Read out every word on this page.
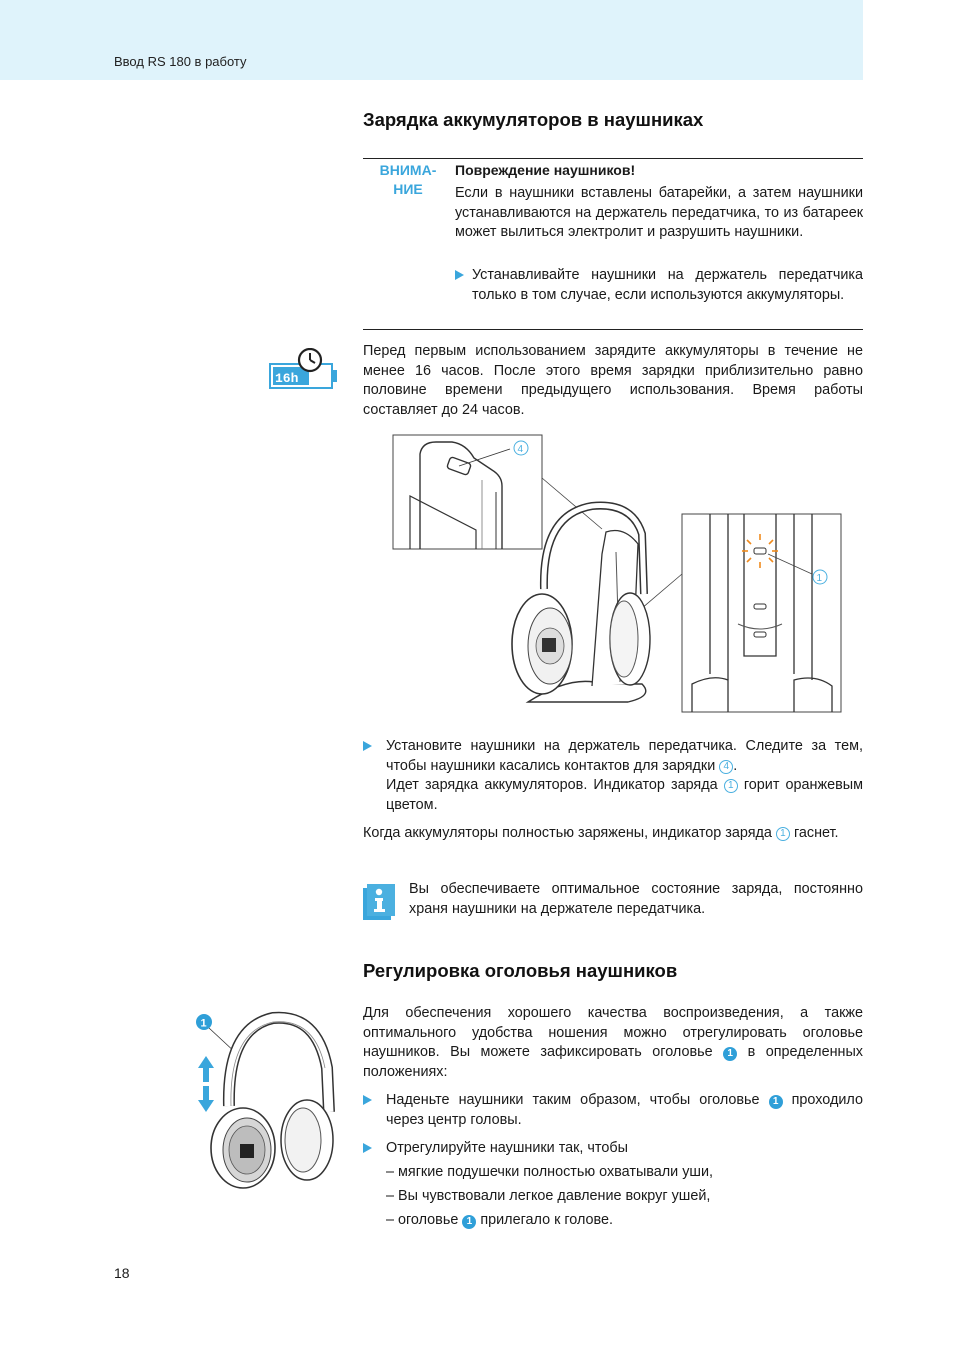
Ввод RS 180 в работу
Зарядка аккумуляторов в наушниках
ВНИМА-
НИЕ
Повреждение наушников!
Если в наушники вставлены батарейки, а затем наушники устанавливаются на держатель передатчика, то из батареек может вылиться электролит и разрушить наушники.
Устанавливайте наушники на держатель передатчика только в том случае, если используются аккумуляторы.
16h

Перед первым использованием зарядите аккумуляторы в течение не менее 16 часов. После этого время зарядки приблизительно равно половине времени предыдущего использования. Время работы составляет до 24 часов.

4
1
Установите наушники на держатель передатчика. Следите за тем, чтобы наушники касались контактов для зарядки 4 .
Идет зарядка аккумуляторов. Индикатор заряда 1 горит оранжевым цветом.

Когда аккумуляторы полностью заряжены, индикатор заряда 1 гаснет.

Вы обеспечиваете оптимальное состояние заряда, постоянно храня наушники на держателе передатчика.

Регулировка оголовья наушников
1

Для обеспечения хорошего качества воспроизведения, а также оптимального удобства ношения можно отрегулировать оголовье наушников. Вы можете зафиксировать оголовье 1 в определенных положениях:

Наденьте наушники таким образом, чтобы оголовье 1 проходило через центр головы.
Отрегулируйте наушники так, чтобы
– мягкие подушечки полностью охватывали уши,
– Вы чувствовали легкое давление вокруг ушей,
– оголовье 1 прилегало к голове.
18
